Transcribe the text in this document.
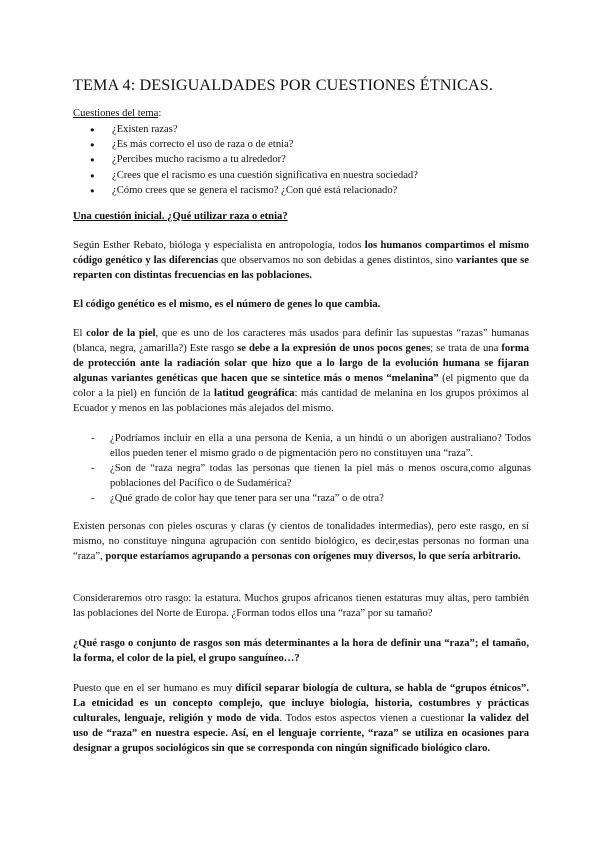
TEMA 4: DESIGUALDADES POR CUESTIONES ÉTNICAS.

Cuestiones del tema:

● ¿Existen razas?
● ¿Es más correcto el uso de raza o de etnia?
● ¿Percibes mucho racismo a tu alrededor?
● ¿Crees que el racismo es una cuestión significativa en nuestra sociedad?
● ¿Cómo crees que se genera el racismo? ¿Con qué está relacionado?

Una cuestión inicial. ¿Qué utilizar raza o etnia?

Según Esther Rebato, bióloga y especialista en antropología, todos los humanos compartimos el mismo código genético y las diferencias que observamos no son debidas a genes distintos, sino variantes que se reparten con distintas frecuencias en las poblaciones.

El código genético es el mismo, es el número de genes lo que cambia.

El color de la piel, que es uno de los caracteres más usados para definir las supuestas “razas” humanas (blanca, negra, ¿amarilla?) Este rasgo se debe a la expresión de unos pocos genes; se trata de una forma de protección ante la radiación solar que hizo que a lo largo de la evolución humana se fijaran algunas variantes genéticas que hacen que se sintetice más o menos “melanina” (el pigmento que da color a la piel) en función de la latitud geográfica: más cantidad de melanina en los grupos próximos al Ecuador y menos en las poblaciones más alejados del mismo.

- ¿Podríamos incluir en ella a una persona de Kenia, a un hindú o un aborigen australiano? Todos ellos pueden tener el mismo grado o de pigmentación pero no constituyen una “raza”.
- ¿Son de “raza negra” todas las personas que tienen la piel más o menos oscura,como algunas poblaciones del Pacífico o de Sudamérica?
- ¿Qué grado de color hay que tener para ser una “raza” o de otra?

Existen personas con pieles oscuras y claras (y cientos de tonalidades intermedias), pero este rasgo, en sí mismo, no constituye ninguna agrupación con sentido biológico, es decir,estas personas no forman una “raza”, porque estaríamos agrupando a personas con orígenes muy diversos, lo que sería arbitrario.

Consideraremos otro rasgo: la estatura. Muchos grupos africanos tienen estaturas muy altas, pero también las poblaciones del Norte de Europa. ¿Forman todos ellos una “raza” por su tamaño?

¿Qué rasgo o conjunto de rasgos son más determinantes a la hora de definir una “raza”; el tamaño, la forma, el color de la piel, el grupo sanguíneo…?

Puesto que en el ser humano es muy difícil separar biología de cultura, se habla de “grupos étnicos”. La etnicidad es un concepto complejo, que incluye biología, historia, costumbres y prácticas culturales, lenguaje, religión y modo de vida. Todos estos aspectos vienen a cuestionar la validez del uso de “raza” en nuestra especie. Así, en el lenguaje corriente, “raza” se utiliza en ocasiones para designar a grupos sociológicos sin que se corresponda con ningún significado biológico claro.
